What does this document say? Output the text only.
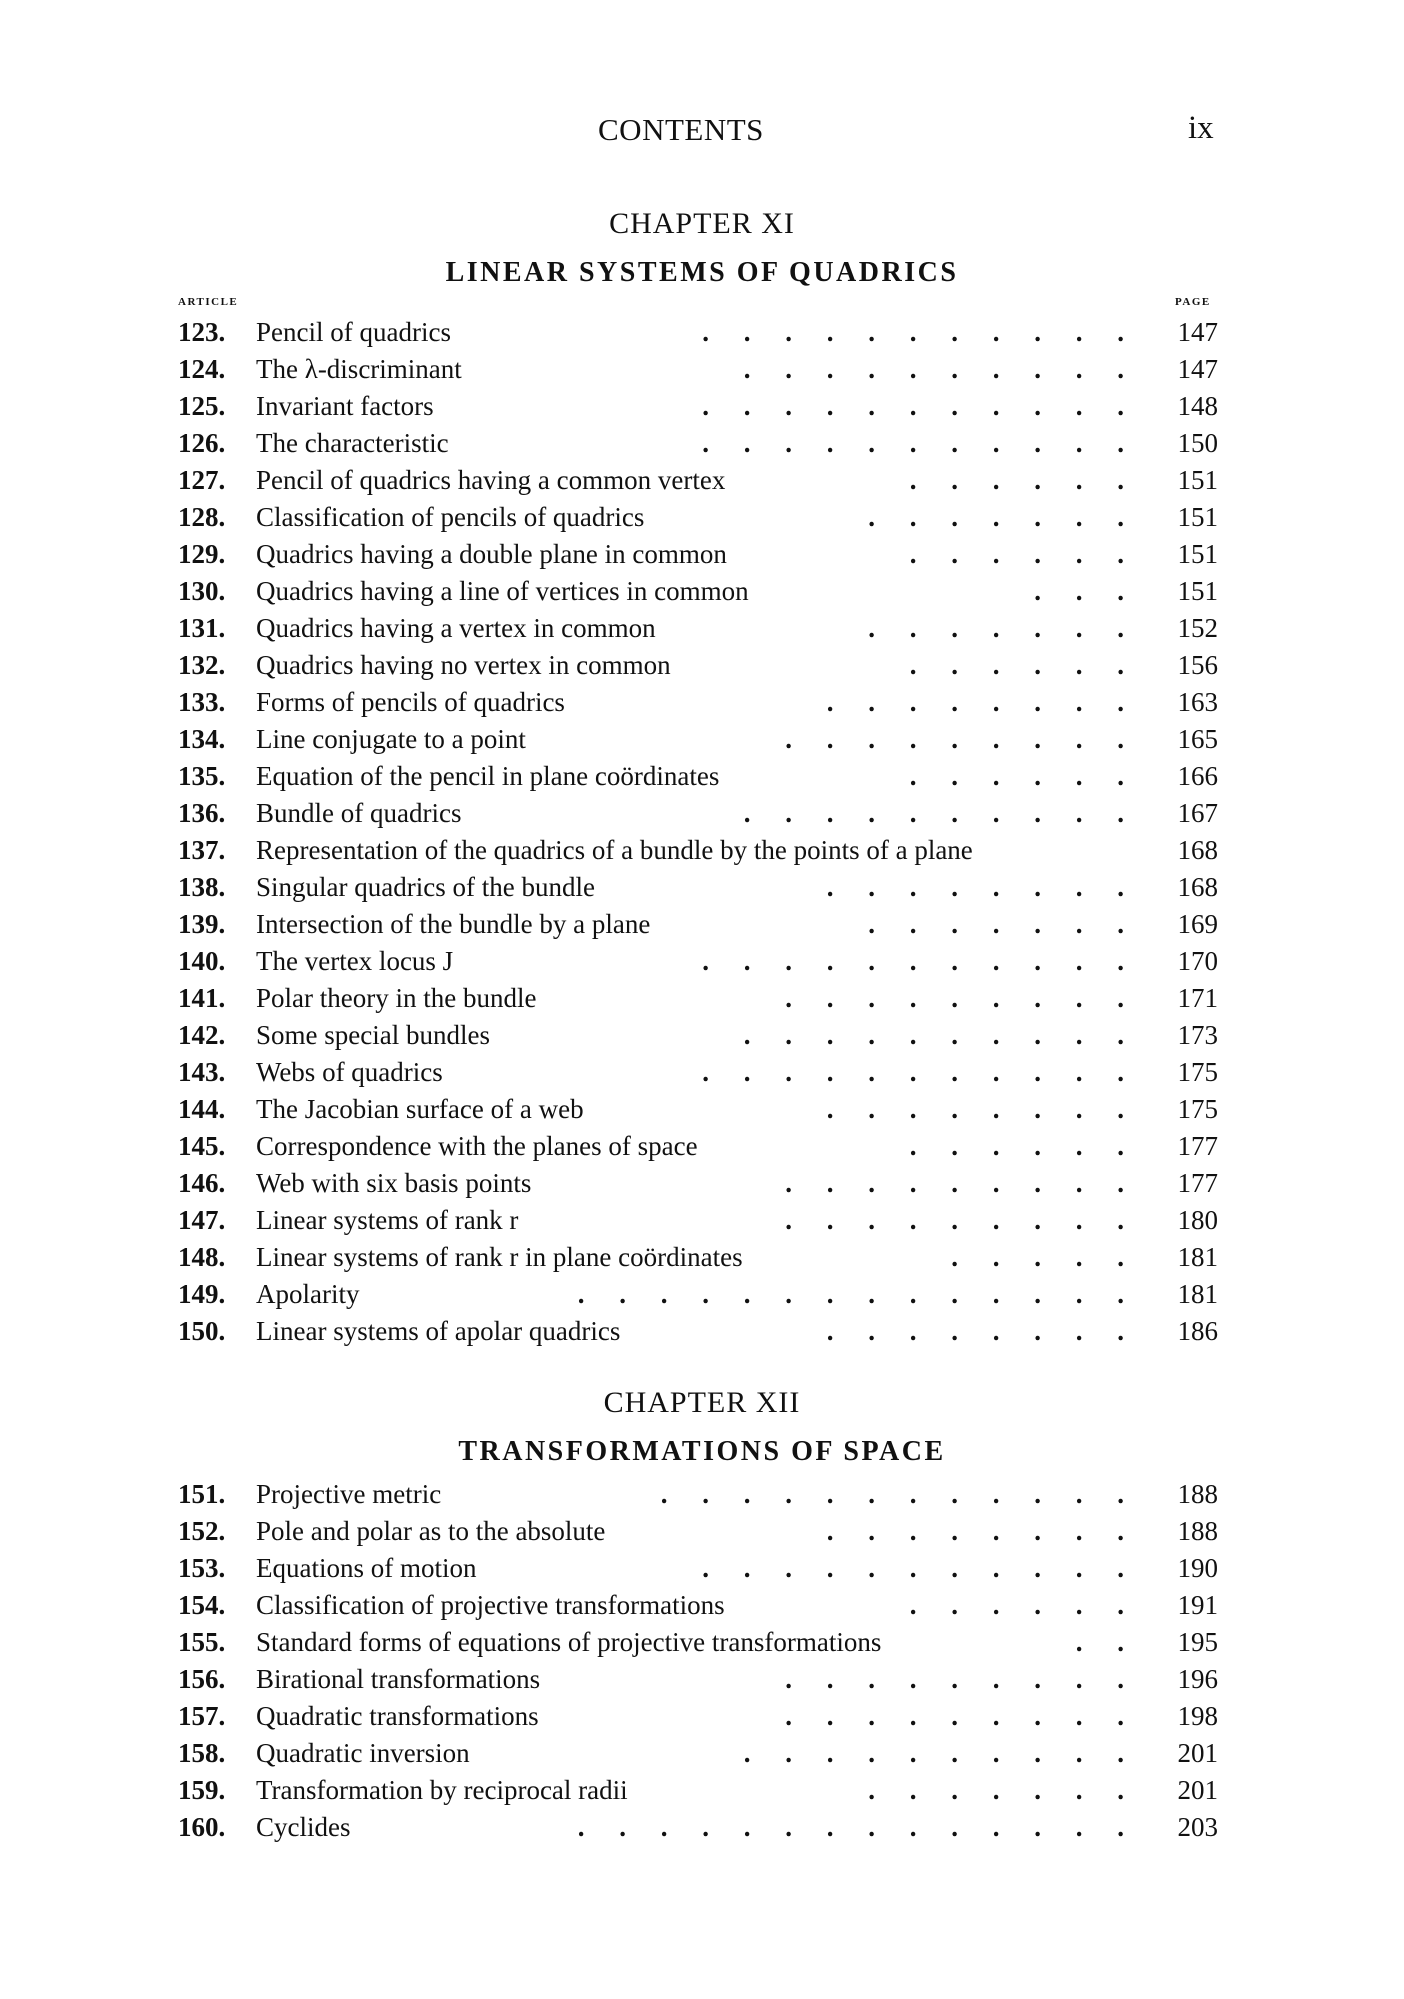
CONTENTS	ix
CHAPTER XI
LINEAR SYSTEMS OF QUADRICS
ARTICLE	PAGE
123. Pencil of quadrics	. . . . . . . . . . . 147
124. The λ-discriminant	. . . . . . . . . . 147
125. Invariant factors	. . . . . . . . . . . 148
126. The characteristic	. . . . . . . . . . . 150
127. Pencil of quadrics having a common vertex	. . . . . . 151
128. Classification of pencils of quadrics	. . . . . . . 151
129. Quadrics having a double plane in common	. . . . . . 151
130. Quadrics having a line of vertices in common	. . . 151
131. Quadrics having a vertex in common	. . . . . . . 152
132. Quadrics having no vertex in common	. . . . . . 156
133. Forms of pencils of quadrics	. . . . . . . . 163
134. Line conjugate to a point	. . . . . . . . . 165
135. Equation of the pencil in plane coördinates	. . . . . . 166
136. Bundle of quadrics	. . . . . . . . . . 167
137. Representation of the quadrics of a bundle by the points of a plane	168
138. Singular quadrics of the bundle	. . . . . . . . 168
139. Intersection of the bundle by a plane	. . . . . . . 169
140. The vertex locus J	. . . . . . . . . . . 170
141. Polar theory in the bundle	. . . . . . . . . 171
142. Some special bundles	. . . . . . . . . . 173
143. Webs of quadrics	. . . . . . . . . . . 175
144. The Jacobian surface of a web	. . . . . . . . 175
145. Correspondence with the planes of space	. . . . . . 177
146. Web with six basis points	. . . . . . . . . 177
147. Linear systems of rank r	. . . . . . . . . 180
148. Linear systems of rank r in plane coördinates	. . . . . 181
149. Apolarity	. . . . . . . . . . . . . . 181
150. Linear systems of apolar quadrics	. . . . . . . . 186
CHAPTER XII
TRANSFORMATIONS OF SPACE
151. Projective metric	. . . . . . . . . . . . 188
152. Pole and polar as to the absolute	. . . . . . . . 188
153. Equations of motion	. . . . . . . . . . . 190
154. Classification of projective transformations	. . . . . . 191
155. Standard forms of equations of projective transformations	. . 195
156. Birational transformations	. . . . . . . . . 196
157. Quadratic transformations	. . . . . . . . . 198
158. Quadratic inversion	. . . . . . . . . . 201
159. Transformation by reciprocal radii	. . . . . . . 201
160. Cyclides	. . . . . . . . . . . . . . 203
